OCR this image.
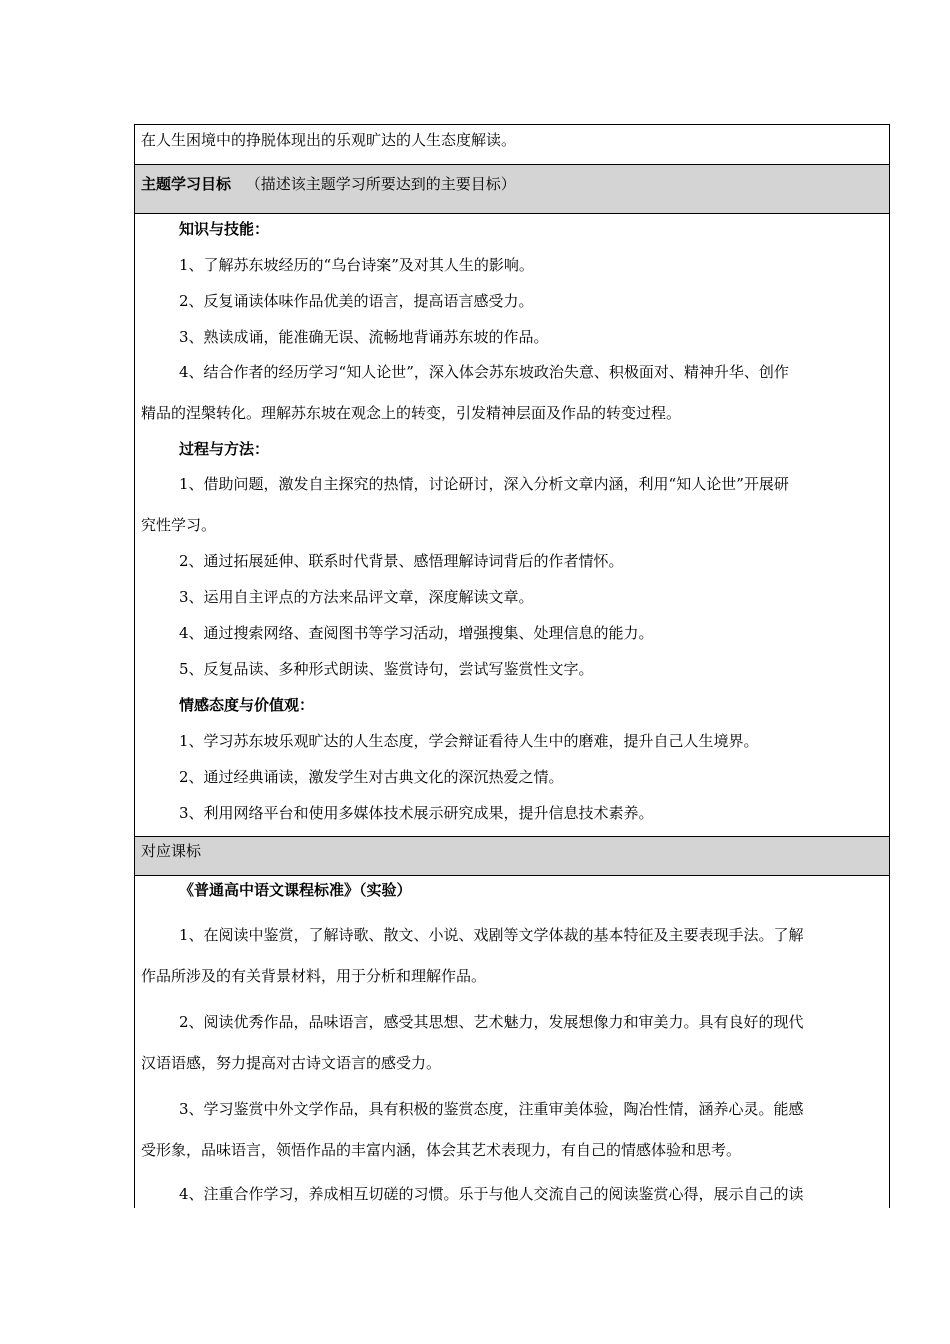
在人生困境中的挣脱体现出的乐观旷达的人生态度解读。
主题学习目标 （描述该主题学习所要达到的主要目标）
知识与技能：
1、了解苏东坡经历的“乌台诗案”及对其人生的影响。
2、反复诵读体味作品优美的语言，提高语言感受力。
3、熟读成诵，能准确无误、流畅地背诵苏东坡的作品。
4、结合作者的经历学习“知人论世”，深入体会苏东坡政治失意、积极面对、精神升华、创作
精品的涅槃转化。理解苏东坡在观念上的转变，引发精神层面及作品的转变过程。
过程与方法：
1、借助问题，激发自主探究的热情，讨论研讨，深入分析文章内涵，利用“知人论世”开展研
究性学习。
2、通过拓展延伸、联系时代背景、感悟理解诗词背后的作者情怀。
3、运用自主评点的方法来品评文章，深度解读文章。
4、通过搜索网络、查阅图书等学习活动，增强搜集、处理信息的能力。
5、反复品读、多种形式朗读、鉴赏诗句，尝试写鉴赏性文字。
情感态度与价值观：
1、学习苏东坡乐观旷达的人生态度，学会辩证看待人生中的磨难，提升自己人生境界。
2、通过经典诵读，激发学生对古典文化的深沉热爱之情。
3、利用网络平台和使用多媒体技术展示研究成果，提升信息技术素养。
对应课标
《普通高中语文课程标准》（实验）
1、在阅读中鉴赏，了解诗歌、散文、小说、戏剧等文学体裁的基本特征及主要表现手法。了解
作品所涉及的有关背景材料，用于分析和理解作品。
2、阅读优秀作品，品味语言，感受其思想、艺术魅力，发展想像力和审美力。具有良好的现代
汉语语感，努力提高对古诗文语言的感受力。
3、学习鉴赏中外文学作品，具有积极的鉴赏态度，注重审美体验，陶冶性情，涵养心灵。能感
受形象，品味语言，领悟作品的丰富内涵，体会其艺术表现力，有自己的情感体验和思考。
4、注重合作学习，养成相互切磋的习惯。乐于与他人交流自己的阅读鉴赏心得，展示自己的读
